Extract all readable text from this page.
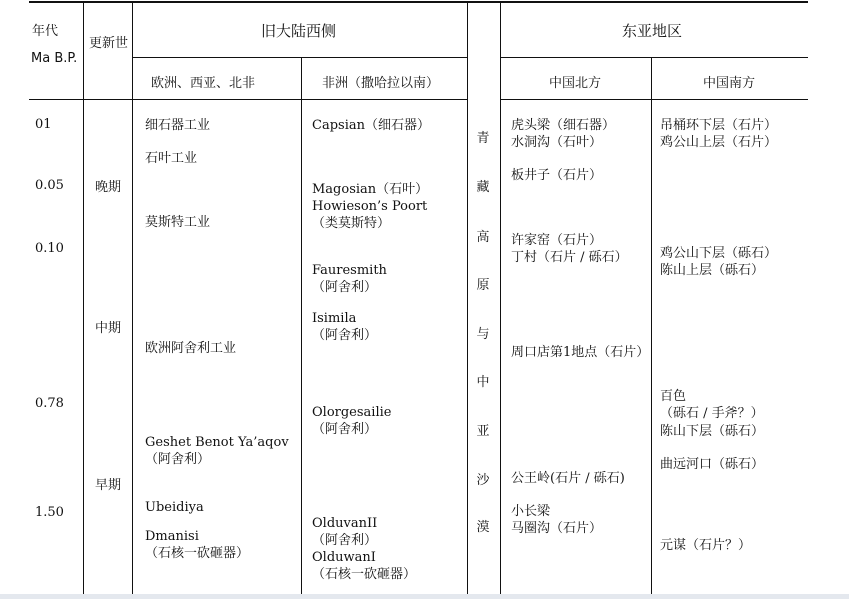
年代
Ma B.P.
更新世
旧大陆西侧
欧洲、西亚、北非	非洲（撒哈拉以南）
东亚地区
中国北方	中国南方
01
0.05
0.10
0.78
1.50
晚期
中期
早期
细石器工业
石叶工业
莫斯特工业
欧洲阿舍利工业
Geshet Benot Ya’aqov
（阿舍利）
Ubeidiya
Dmanisi
（石核一砍砸器）
Capsian（细石器）
Magosian（石叶）
Howieson’s Poort
（类莫斯特）
Fauresmith
（阿舍利）
Isimila
（阿舍利）
Olorgesailie
（阿舍利）
OlduvanII
（阿舍利）
OlduwanI
（石核一砍砸器）
青
藏
高
原
与
中
亚
沙
漠
虎头梁（细石器）
水洞沟（石叶）
板井子（石片）
许家窑（石片）
丁村（石片 / 砾石）
周口店第1地点（石片）
公王岭(石片 / 砾石)
小长梁
马圈沟（石片）
吊桶环下层（石片）
鸡公山上层（石片）
鸡公山下层（砾石）
陈山上层（砾石）
百色
（砾石 / 手斧？）
陈山下层（砾石）
曲远河口（砾石）
元谋（石片？）
